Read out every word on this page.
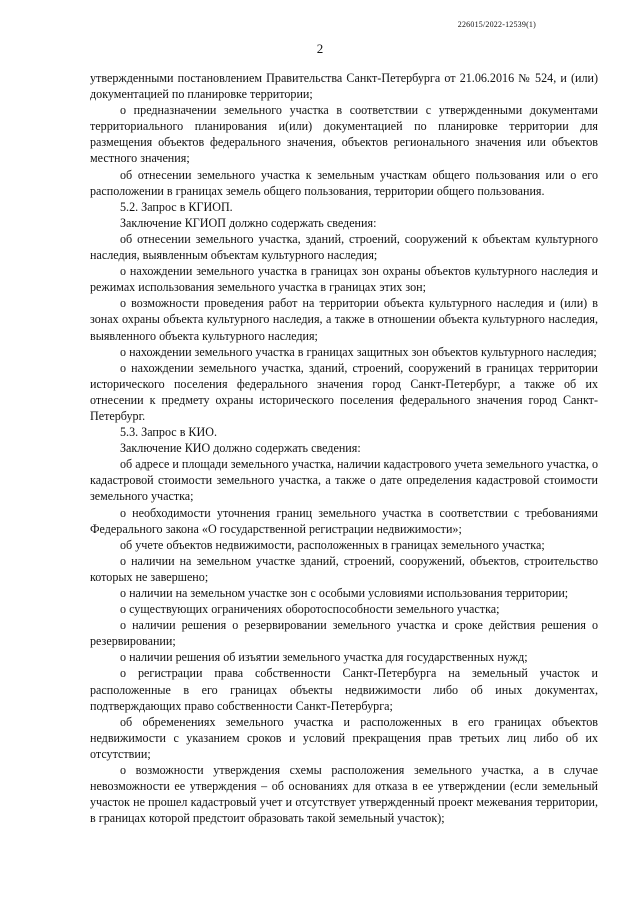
226015/2022-12539(1)
2

утвержденными постановлением Правительства Санкт-Петербурга от 21.06.2016 № 524, и (или) документацией по планировке территории;

о предназначении земельного участка в соответствии с утвержденными документами территориального планирования и(или) документацией по планировке территории для размещения объектов федерального значения, объектов регионального значения или объектов местного значения;

об отнесении земельного участка к земельным участкам общего пользования или о его расположении в границах земель общего пользования, территории общего пользования.

5.2. Запрос в КГИОП.

Заключение КГИОП должно содержать сведения:

об отнесении земельного участка, зданий, строений, сооружений к объектам культурного наследия, выявленным объектам культурного наследия;

о нахождении земельного участка в границах зон охраны объектов культурного наследия и режимах использования земельного участка в границах этих зон;

о возможности проведения работ на территории объекта культурного наследия и (или) в зонах охраны объекта культурного наследия, а также в отношении объекта культурного наследия, выявленного объекта культурного наследия;

о нахождении земельного участка в границах защитных зон объектов культурного наследия;

о нахождении земельного участка, зданий, строений, сооружений в границах территории исторического поселения федерального значения город Санкт-Петербург, а также об их отнесении к предмету охраны исторического поселения федерального значения город Санкт-Петербург.

5.3. Запрос в КИО.

Заключение КИО должно содержать сведения:

об адресе и площади земельного участка, наличии кадастрового учета земельного участка, о кадастровой стоимости земельного участка, а также о дате определения кадастровой стоимости земельного участка;

о необходимости уточнения границ земельного участка в соответствии с требованиями Федерального закона «О государственной регистрации недвижимости»;

об учете объектов недвижимости, расположенных в границах земельного участка;

о наличии на земельном участке зданий, строений, сооружений, объектов, строительство которых не завершено;

о наличии на земельном участке зон с особыми условиями использования территории;

о существующих ограничениях оборотоспособности земельного участка;

о наличии решения о резервировании земельного участка и сроке действия решения о резервировании;

о наличии решения об изъятии земельного участка для государственных нужд;

о регистрации права собственности Санкт-Петербурга на земельный участок и расположенные в его границах объекты недвижимости либо об иных документах, подтверждающих право собственности Санкт-Петербурга;

об обременениях земельного участка и расположенных в его границах объектов недвижимости с указанием сроков и условий прекращения прав третьих лиц либо об их отсутствии;

о возможности утверждения схемы расположения земельного участка, а в случае невозможности ее утверждения – об основаниях для отказа в ее утверждении (если земельный участок не прошел кадастровый учет и отсутствует утвержденный проект межевания территории, в границах которой предстоит образовать такой земельный участок);
